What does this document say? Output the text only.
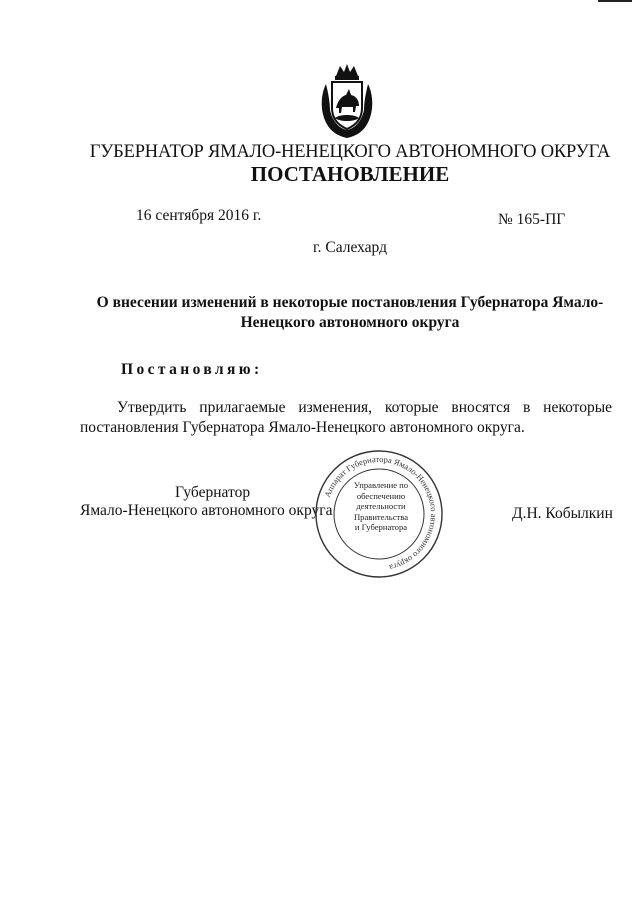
ГУБЕРНАТОР ЯМАЛО-НЕНЕЦКОГО АВТОНОМНОГО ОКРУГА
ПОСТАНОВЛЕНИЕ
16 сентября 2016 г.	№ 165-ПГ
г. Салехард
О внесении изменений в некоторые постановления Губернатора Ямало-Ненецкого автономного округа
Постановляю:
Утвердить прилагаемые изменения, которые вносятся в некоторые постановления Губернатора Ямало-Ненецкого автономного округа.
Губернатор
Ямало-Ненецкого автономного округа	Д.Н. Кобылкин
Аппарат Губернатора Ямало-Ненецкого автономного округа
Управление по
обеспечению
деятельности
Правительства
и Губернатора
